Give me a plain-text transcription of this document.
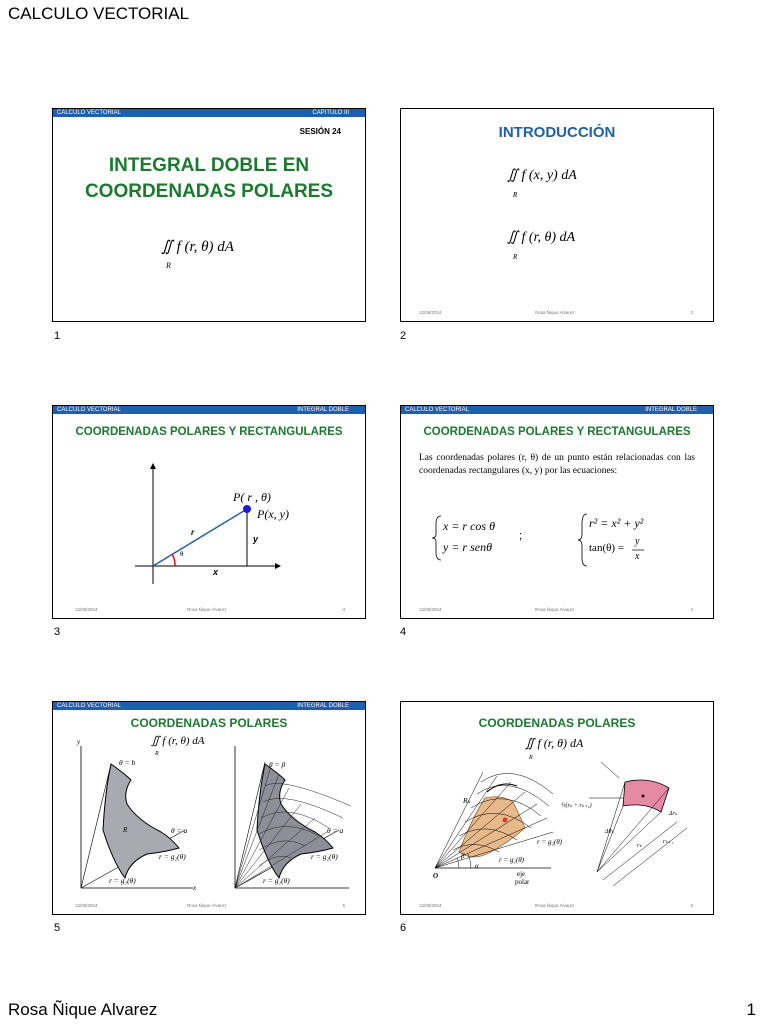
CALCULO VECTORIAL
CALCULO VECTORIAL	CAPITULO III
SESIÓN 24
INTEGRAL DOBLE EN
COORDENADAS POLARES
∬ f (r, θ) dA
R
1
INTRODUCCIÓN
∬ f (x, y) dA
R
∬ f (r, θ) dA
R
12/05/2024	Rosa Ñique Alvarez	2
2
CALCULO VECTORIAL	INTEGRAL DOBLE
COORDENADAS POLARES Y RECTANGULARES
P( r , θ)
P(x, y)
r
y
x
θ
12/05/2024	Rosa Ñique Alvarez	3
3
CALCULO VECTORIAL	INTEGRAL DOBLE
COORDENADAS POLARES Y RECTANGULARES
Las coordenadas polares (r, θ) de un punto están relacionadas con las coordenadas rectangulares (x, y) por las ecuaciones:
x = r cos θ
y = r senθ
;
r² = x² + y²
tan(θ) =
y
x
12/05/2024	Rosa Ñique Alvarez	4
4
CÁLCULO VECTORIAL	INTEGRAL DOBLE
COORDENADAS POLARES
∬ f (r, θ) dA
R
y
x
θ = b
θ = a
R
r = g₂(θ)
r = g₁(θ)
θ = β
θ = a
r = g₂(θ)
r = g₁(θ)
12/05/2024	Rosa Ñique Alvarez	5
5
COORDENADAS POLARES
∬ f (r, θ) dA
R
Rₖ
r = g₂(θ)
r = g₁(θ)
O
β
α
eje
polar
½(rₖ + rₖ₊₁)
Δθₖ
Δrₖ
rₖ
rₖ₊₁
12/05/2024	Rosa Ñique Alvarez	6
6
Rosa Ñique Alvarez	1
